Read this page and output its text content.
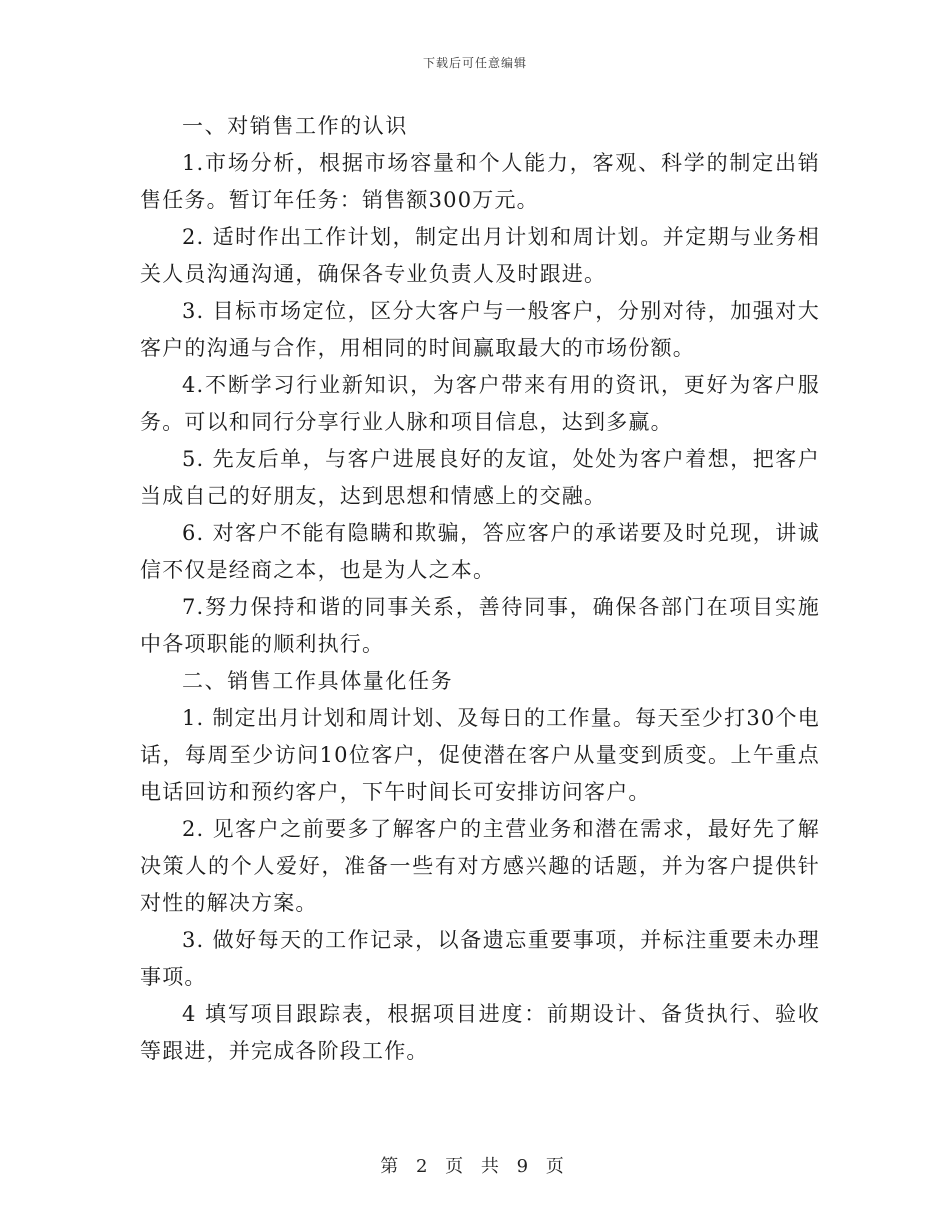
下载后可任意编辑

一、对销售工作的认识

1.市场分析，根据市场容量和个人能力，客观、科学的制定出销售任务。暂订年任务：销售额300万元。

2. 适时作出工作计划，制定出月计划和周计划。并定期与业务相关人员沟通沟通，确保各专业负责人及时跟进。

3. 目标市场定位，区分大客户与一般客户，分别对待，加强对大客户的沟通与合作，用相同的时间赢取最大的市场份额。

4.不断学习行业新知识，为客户带来有用的资讯，更好为客户服务。可以和同行分享行业人脉和项目信息，达到多赢。

5. 先友后单，与客户进展良好的友谊，处处为客户着想，把客户当成自己的好朋友，达到思想和情感上的交融。

6. 对客户不能有隐瞒和欺骗，答应客户的承诺要及时兑现，讲诚信不仅是经商之本，也是为人之本。

7.努力保持和谐的同事关系，善待同事，确保各部门在项目实施中各项职能的顺利执行。

二、销售工作具体量化任务

1. 制定出月计划和周计划、及每日的工作量。每天至少打30个电话，每周至少访问10位客户，促使潜在客户从量变到质变。上午重点电话回访和预约客户，下午时间长可安排访问客户。

2. 见客户之前要多了解客户的主营业务和潜在需求，最好先了解决策人的个人爱好，准备一些有对方感兴趣的话题，并为客户提供针对性的解决方案。

3. 做好每天的工作记录，以备遗忘重要事项，并标注重要未办理事项。

4 填写项目跟踪表，根据项目进度：前期设计、备货执行、验收等跟进，并完成各阶段工作。

第 2 页 共 9 页
